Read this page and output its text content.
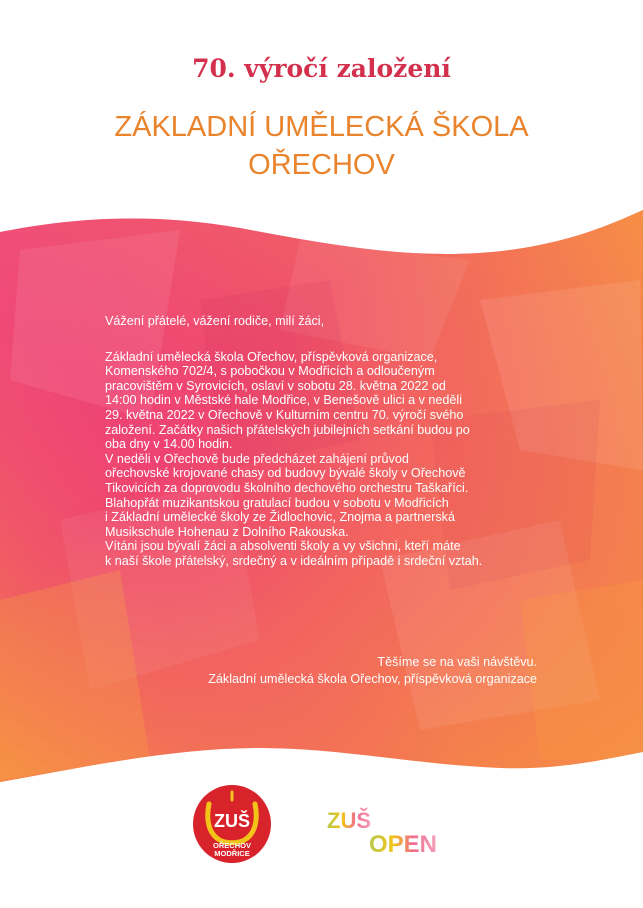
70. výročí založení
ZÁKLADNÍ UMĚLECKÁ ŠKOLA
OŘECHOV

Vážení přátelé, vážení rodiče, milí žáci,

Základní umělecká škola Ořechov, příspěvková organizace,

Komenského 702/4, s pobočkou v Modřicích a odloučeným

pracovištěm v Syrovicích, oslaví v sobotu 28. května 2022 od

14:00 hodin v Městské hale Modřice, v Benešově ulici a v neděli

29. května 2022 v Ořechově v Kulturním centru 70. výročí svého

založení. Začátky našich přátelských jubilejních setkání budou po

oba dny v 14.00 hodin.

V neděli v Ořechově bude předcházet zahájení průvod

ořechovské krojované chasy od budovy bývalé školy v Ořechově

Tikovicích za doprovodu školního dechového orchestru Taškaříci.

Blahopřát muzikantskou gratulací budou v sobotu v Modřicích

i Základní umělecké školy ze Židlochovic, Znojma a partnerská

Musikschule Hohenau z Dolního Rakouska.

Vítáni jsou bývalí žáci a absolventi školy a vy všichni, kteří máte

k naší škole přátelský, srdečný a v ideálním případě i srdeční vztah.

Těšíme se na vaši návštěvu.

Základní umělecká škola Ořechov, příspěvková organizace

ZUŠ
OŘECHOV
MODŘICE
ZUŠ
OPEN
